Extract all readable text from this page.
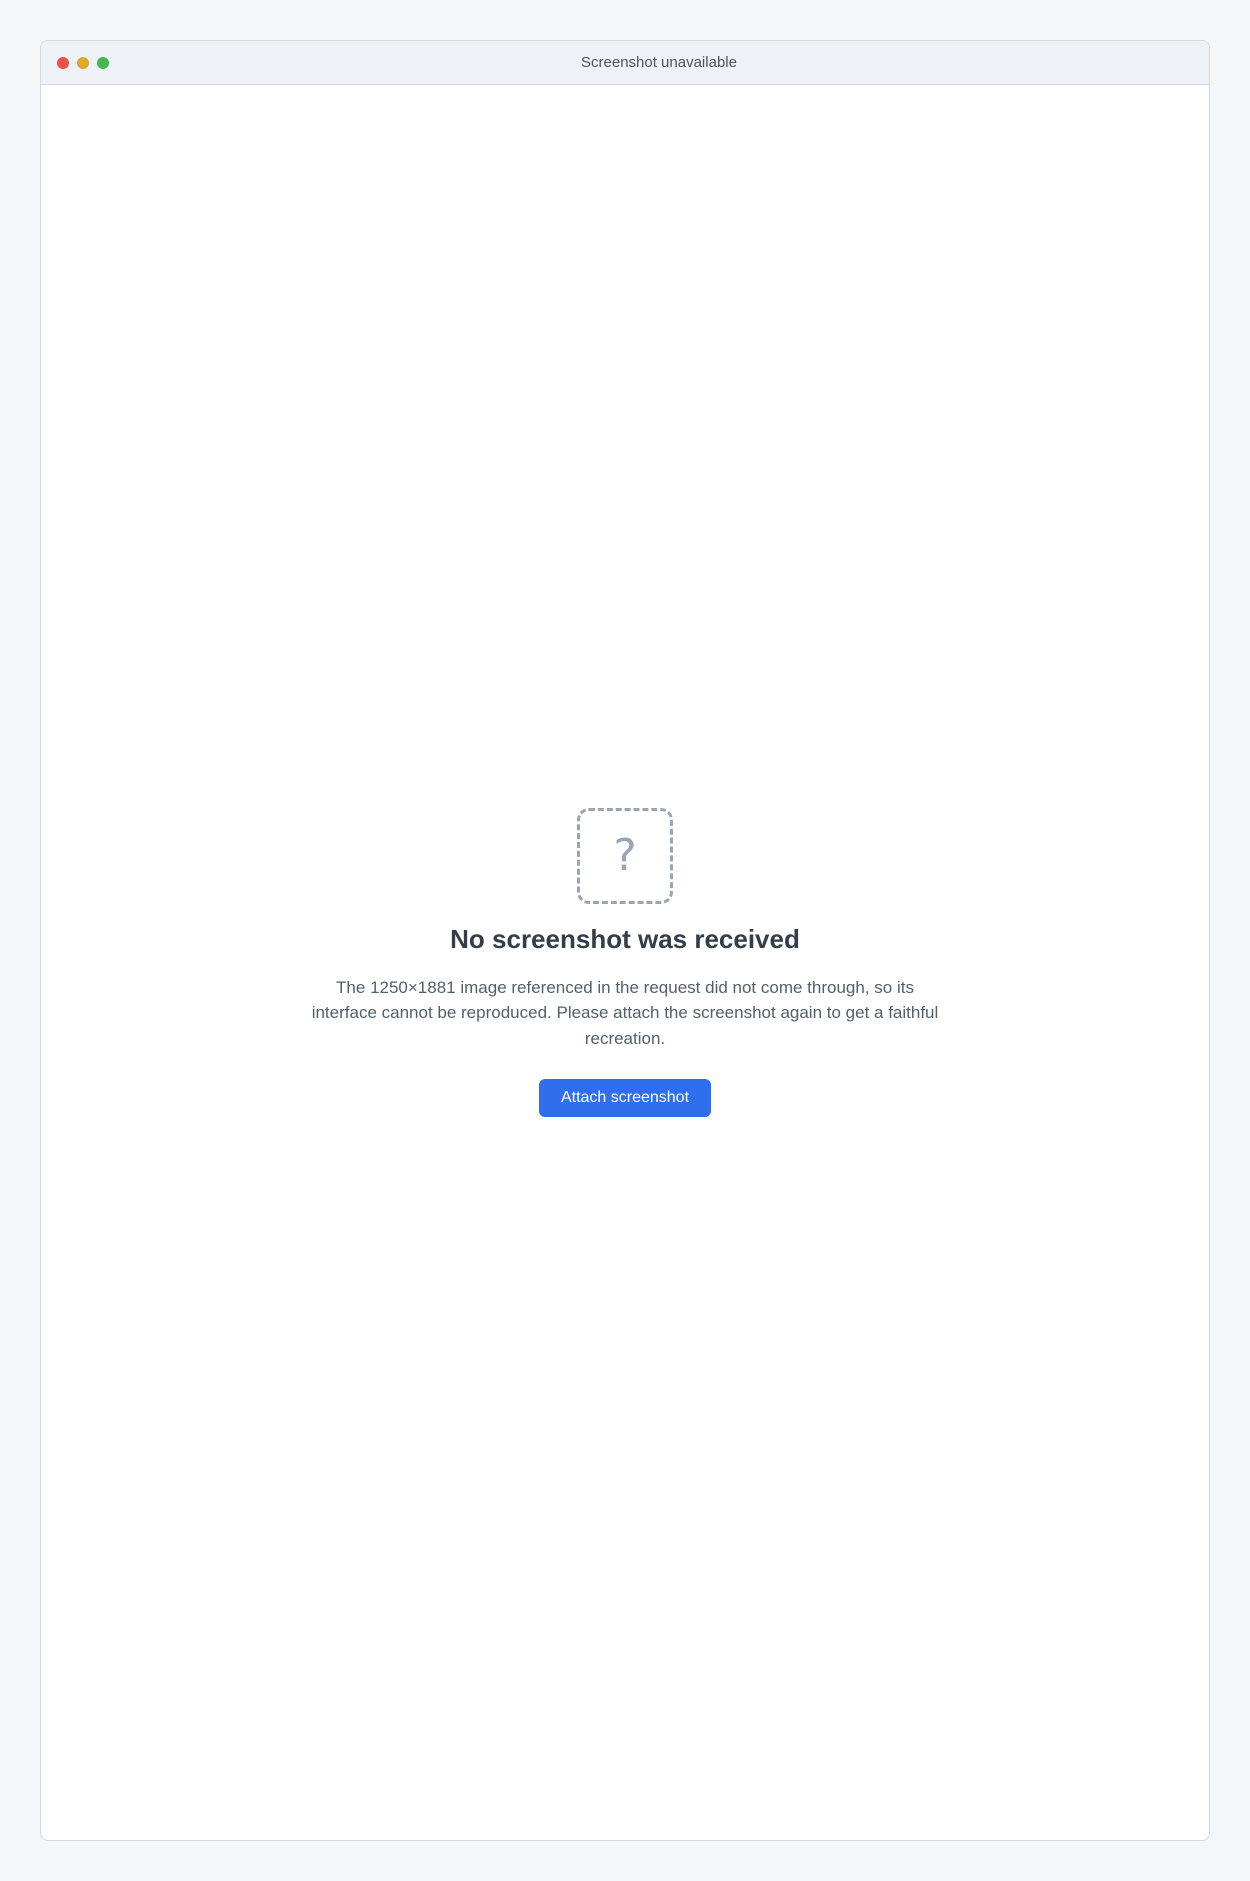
Screenshot unavailable
?
No screenshot was received
The 1250×1881 image referenced in the request did not come through, so its interface cannot be reproduced. Please attach the screenshot again to get a faithful recreation.
Attach screenshot
